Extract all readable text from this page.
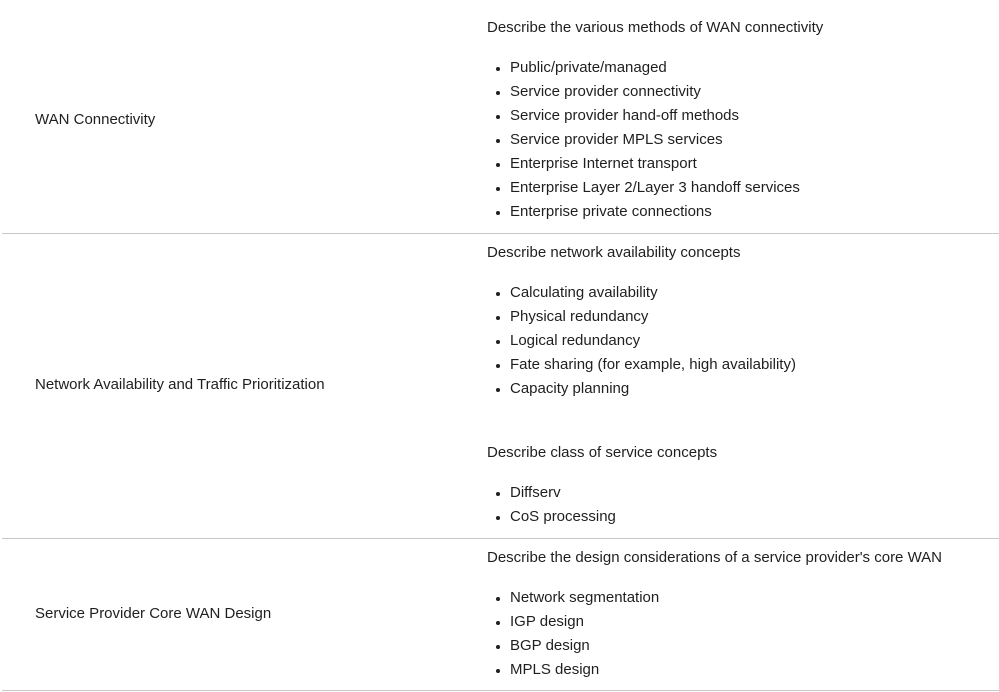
WAN Connectivity
Describe the various methods of WAN connectivity
Public/private/managed
Service provider connectivity
Service provider hand-off methods
Service provider MPLS services
Enterprise Internet transport
Enterprise Layer 2/Layer 3 handoff services
Enterprise private connections
Network Availability and Traffic Prioritization
Describe network availability concepts
Calculating availability
Physical redundancy
Logical redundancy
Fate sharing (for example, high availability)
Capacity planning
Describe class of service concepts
Diffserv
CoS processing
Service Provider Core WAN Design
Describe the design considerations of a service provider's core WAN
Network segmentation
IGP design
BGP design
MPLS design
